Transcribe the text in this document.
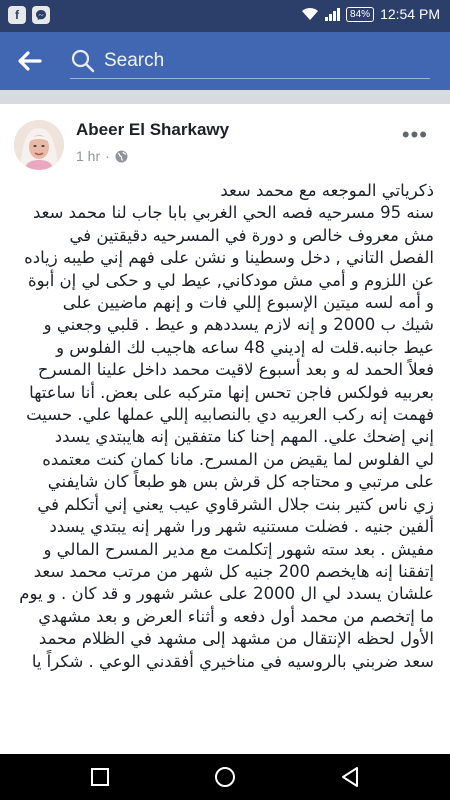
f	84% 12:54 PM
Search
Abeer El Sharkawy
1 hr ·
•••
ذكرياتي الموجعه مع محمد سعد
سنه 95 مسرحيه فصه الحي الغربي بابا جاب لنا محمد سعد
مش معروف خالص و دورة في المسرحيه دقيقتين في
الفصل التاني , دخل وسطينا و نشن على فهم إني طيبه زياده
عن اللزوم و أمي مش مودكاني, عيط لي و حكى لي إن أبوة
و أمه لسه ميتين الإسبوع إللي فات و إنهم ماضيين على
شيك ب 2000 و إنه لازم يسددهم و عيط . قلبي وجعني و
عيط جانبه.قلت له إديني 48 ساعه هاجيب لك الفلوس و
فعلاً الحمد له و بعد أسبوع لاقيت محمد داخل علينا المسرح
بعربيه فولكس فاجن تحس إنها متركبه على بعض. أنا ساعتها
فهمت إنه ركب العربيه دي بالنصابيه إللي عملها علي. حسيت
إني إضحك علي. المهم إحنا كنا متفقين إنه هايبتدي يسدد
لي الفلوس لما يقيض من المسرح. مانا كمان كنت معتمده
على مرتبي و محتاجه كل قرش بس هو طبعاً كان شايفني
زي ناس كتير بنت جلال الشرقاوي عيب يعني إني أتكلم في
ألفين جنيه . فضلت مستنيه شهر ورا شهر إنه يبتدي يسدد
مفيش . بعد سته شهور إتكلمت مع مدير المسرح المالي و
إتفقنا إنه هايخصم 200 جنيه كل شهر من مرتب محمد سعد
علشان يسدد لي ال 2000 على عشر شهور و قد كان . و يوم
ما إتخصم من محمد أول دفعه و أثناء العرض و بعد مشهدي
الأول لحظه الإنتقال من مشهد إلى مشهد في الظلام محمد
سعد ضربني بالروسيه في مناخيري أفقدني الوعي . شكراً يا
